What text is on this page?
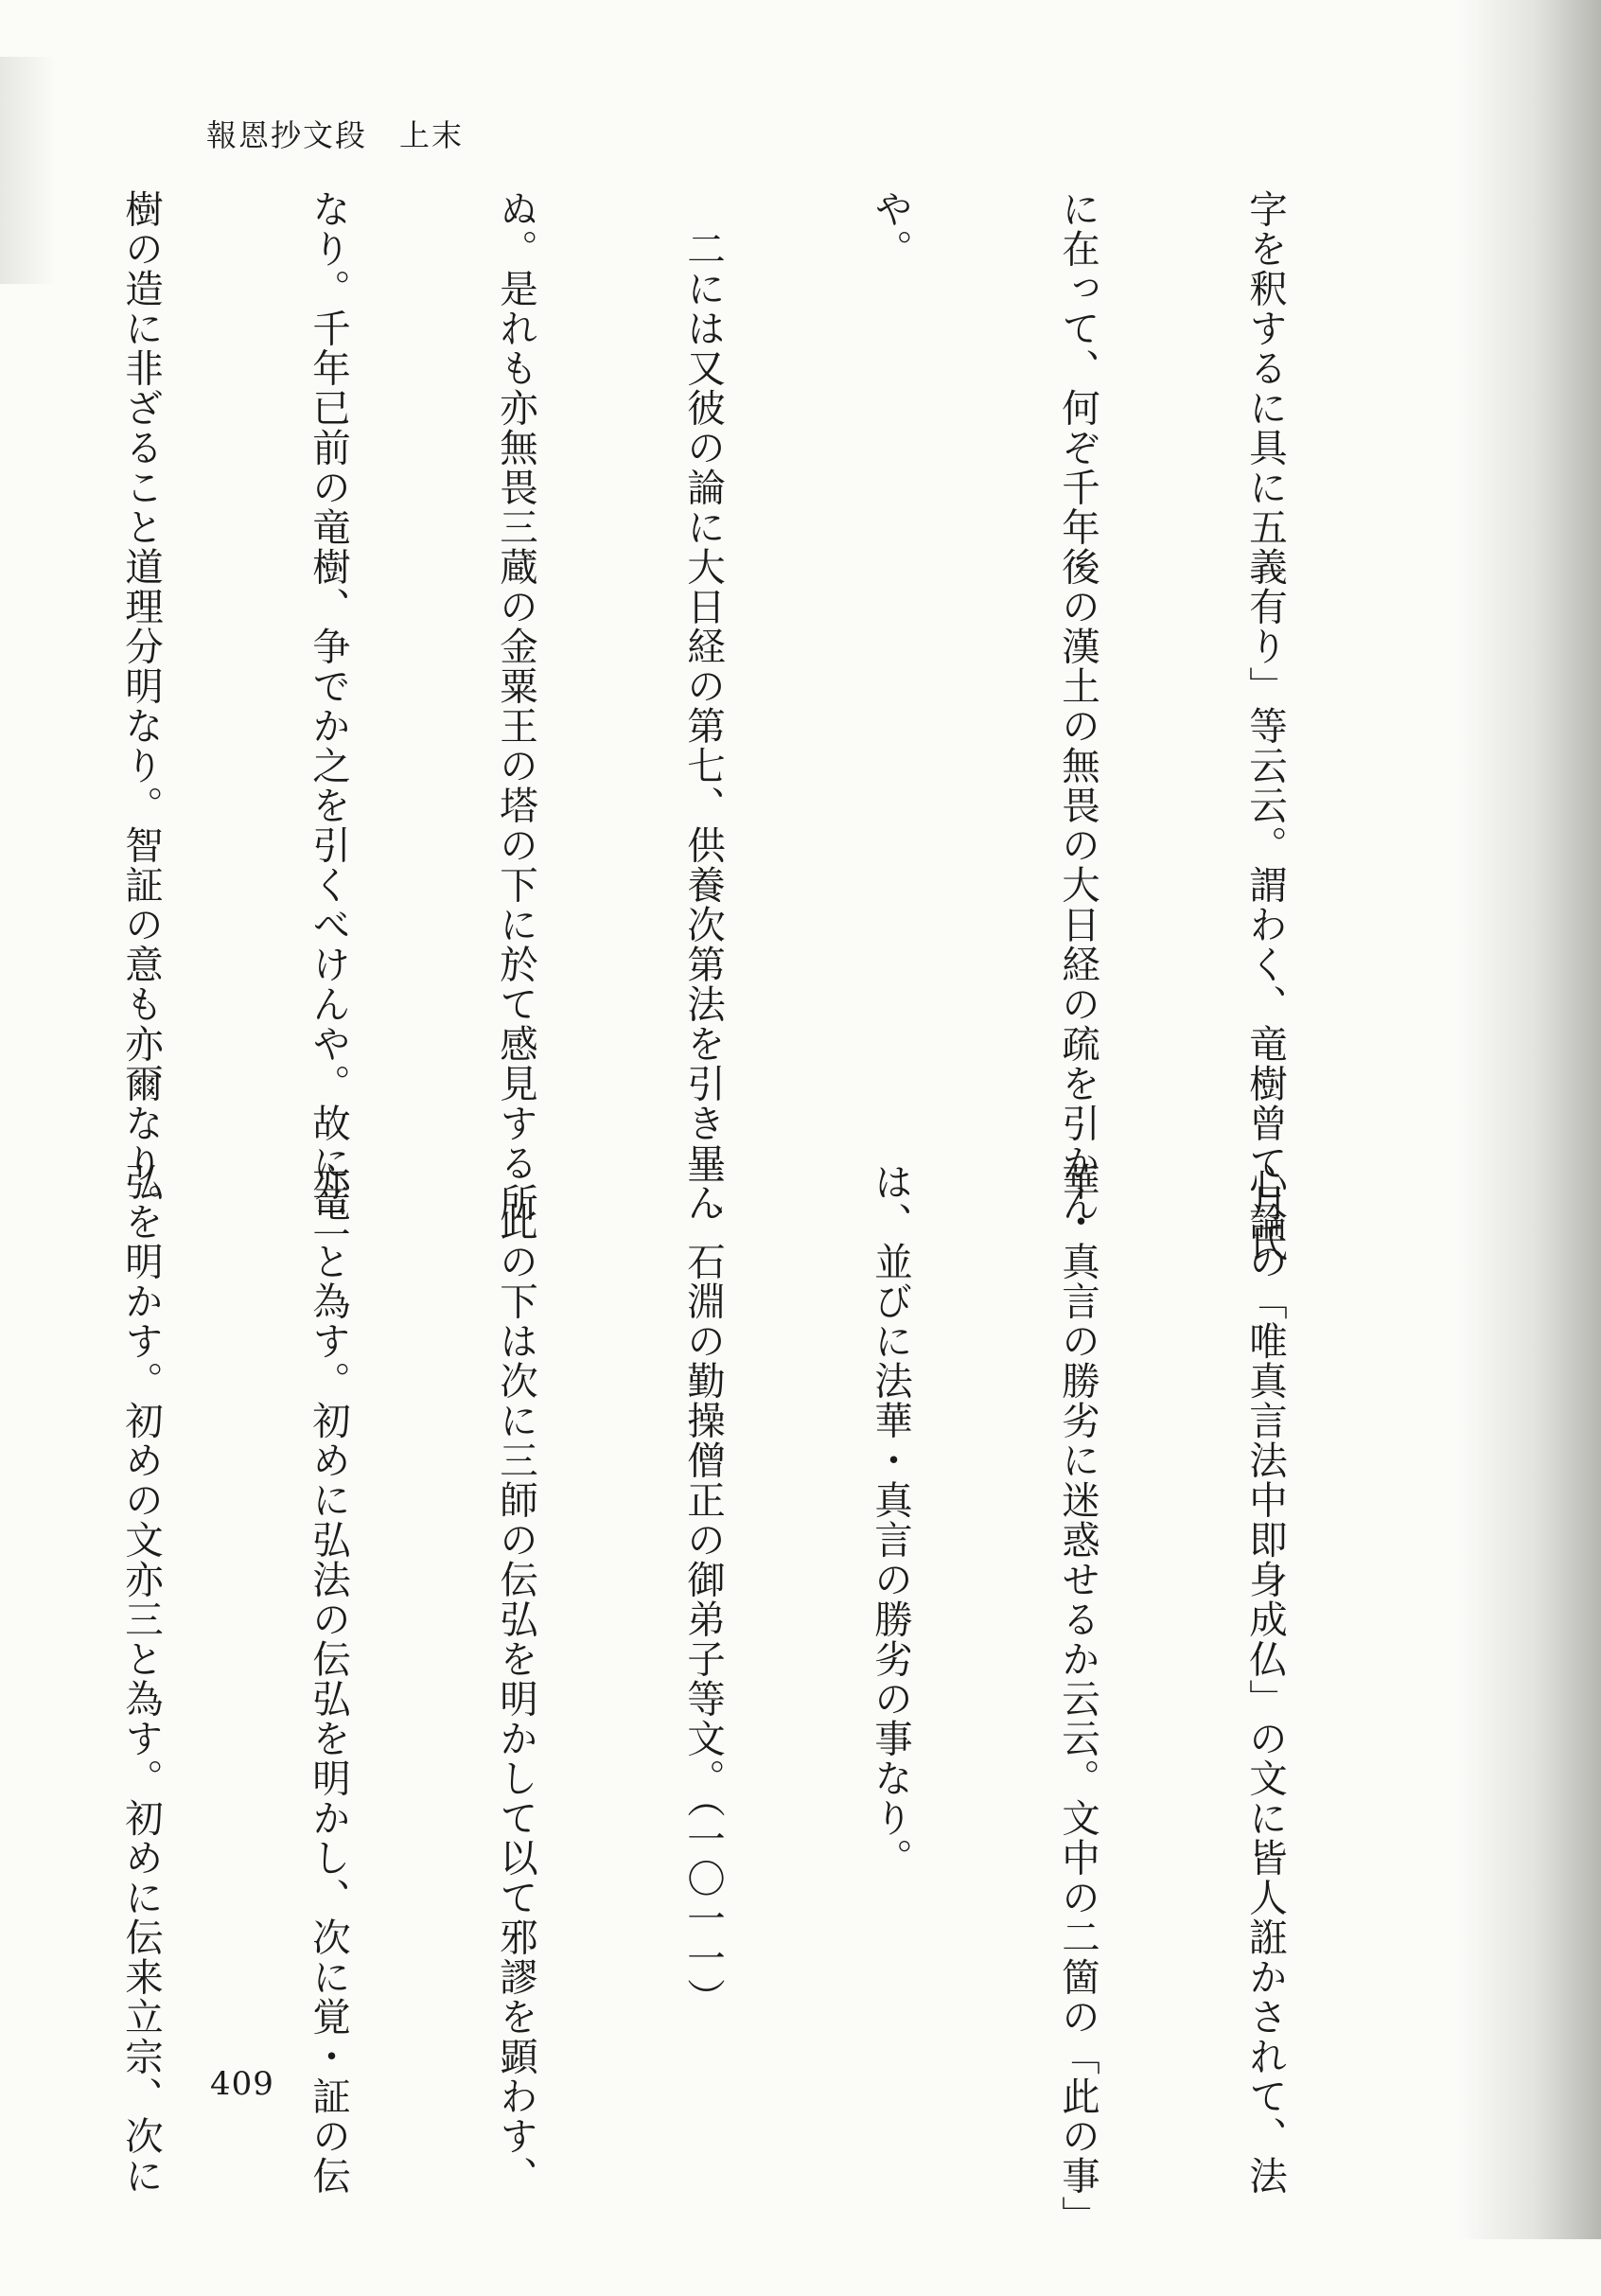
報恩抄文段 上末

字を釈するに具に五義有り」等云云。謂わく、竜樹曾て月氏

に在って、何ぞ千年後の漢土の無畏の大日経の疏を引かん

や。

　二には又彼の論に大日経の第七、供養次第法を引き畢ん

ぬ。是れも亦無畏三蔵の金粟王の塔の下に於て感見する所

なり。千年已前の竜樹、争でか之を引くべけんや。故に竜

樹の造に非ざること道理分明なり。智証の意も亦爾なり。

心論の「唯真言法中即身成仏」の文に皆人誑かされて、法

華・真言の勝劣に迷惑せるか云云。文中の二箇の「此の事」

は、並びに法華・真言の勝劣の事なり。

一、石淵の勤操僧正の御弟子等文。（一〇一一）

　此の下は次に三師の伝弘を明かして以て邪謬を顕わす、

亦二と為す。初めに弘法の伝弘を明かし、次に覚・証の伝

弘を明かす。初めの文亦三と為す。初めに伝来立宗、次に

409
